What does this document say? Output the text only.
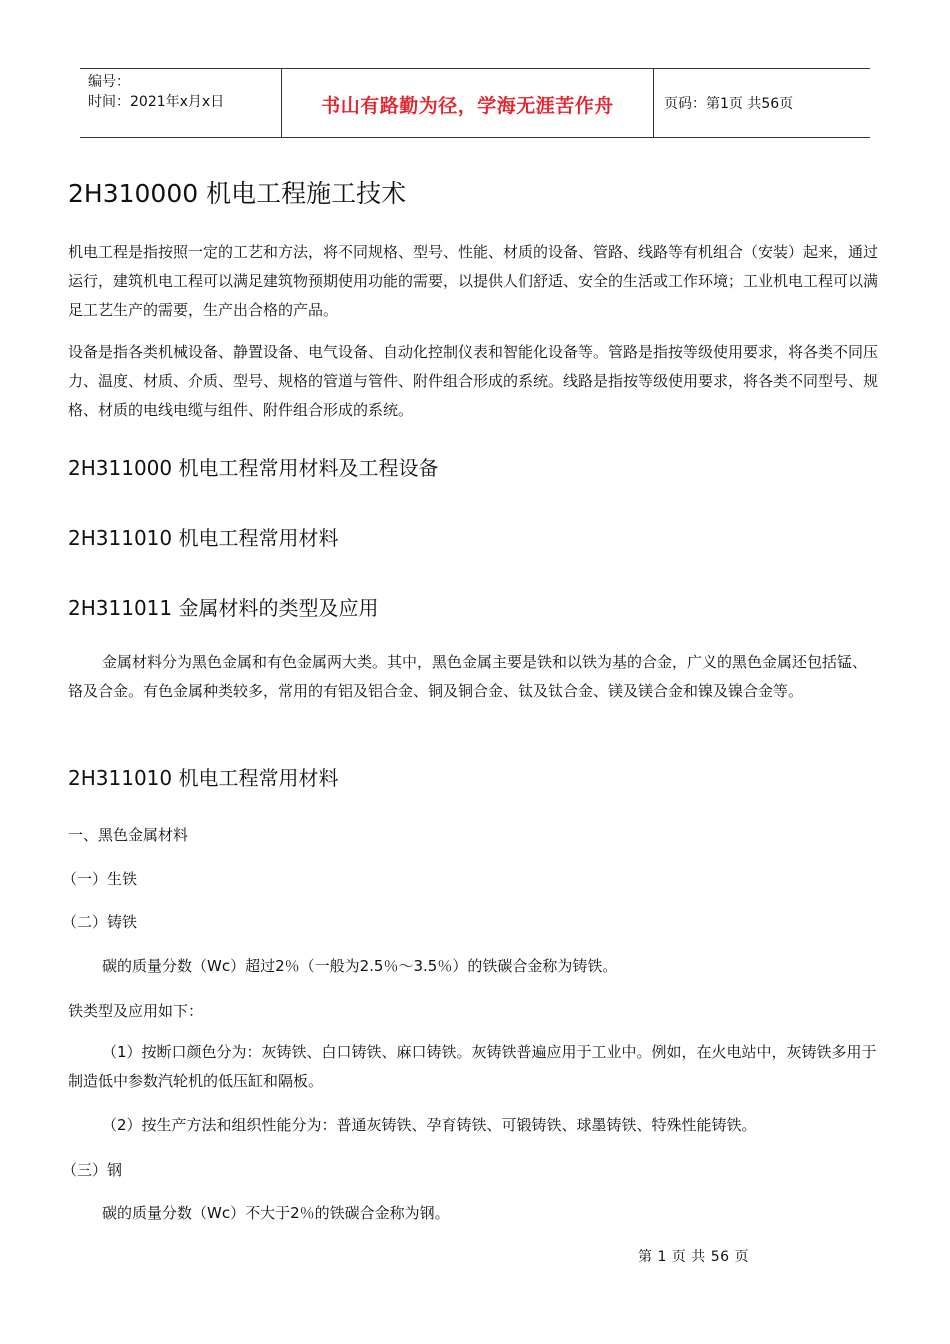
编号：
时间：2021年x月x日	书山有路勤为径，学海无涯苦作舟	页码：第1页 共56页
2H310000 机电工程施工技术
机电工程是指按照一定的工艺和方法，将不同规格、型号、性能、材质的设备、管路、线路等有机组合（安装）起来，通过运行，建筑机电工程可以满足建筑物预期使用功能的需要，以提供人们舒适、安全的生活或工作环境；工业机电工程可以满足工艺生产的需要，生产出合格的产品。
设备是指各类机械设备、静置设备、电气设备、自动化控制仪表和智能化设备等。管路是指按等级使用要求，将各类不同压力、温度、材质、介质、型号、规格的管道与管件、附件组合形成的系统。线路是指按等级使用要求，将各类不同型号、规格、材质的电线电缆与组件、附件组合形成的系统。
2H311000 机电工程常用材料及工程设备
2H311010 机电工程常用材料
2H311011 金属材料的类型及应用
金属材料分为黑色金属和有色金属两大类。其中，黑色金属主要是铁和以铁为基的合金，广义的黑色金属还包括锰、铬及合金。有色金属种类较多，常用的有铝及铝合金、铜及铜合金、钛及钛合金、镁及镁合金和镍及镍合金等。
2H311010 机电工程常用材料
一、黑色金属材料
（一）生铁
（二）铸铁
碳的质量分数（Wc）超过2％（一般为2.5％～3.5％）的铁碳合金称为铸铁。
铁类型及应用如下：
（1）按断口颜色分为：灰铸铁、白口铸铁、麻口铸铁。灰铸铁普遍应用于工业中。例如，在火电站中，灰铸铁多用于制造低中参数汽轮机的低压缸和隔板。
（2）按生产方法和组织性能分为：普通灰铸铁、孕育铸铁、可锻铸铁、球墨铸铁、特殊性能铸铁。
（三）钢
碳的质量分数（Wc）不大于2％的铁碳合金称为钢。
第 1 页 共 56 页
